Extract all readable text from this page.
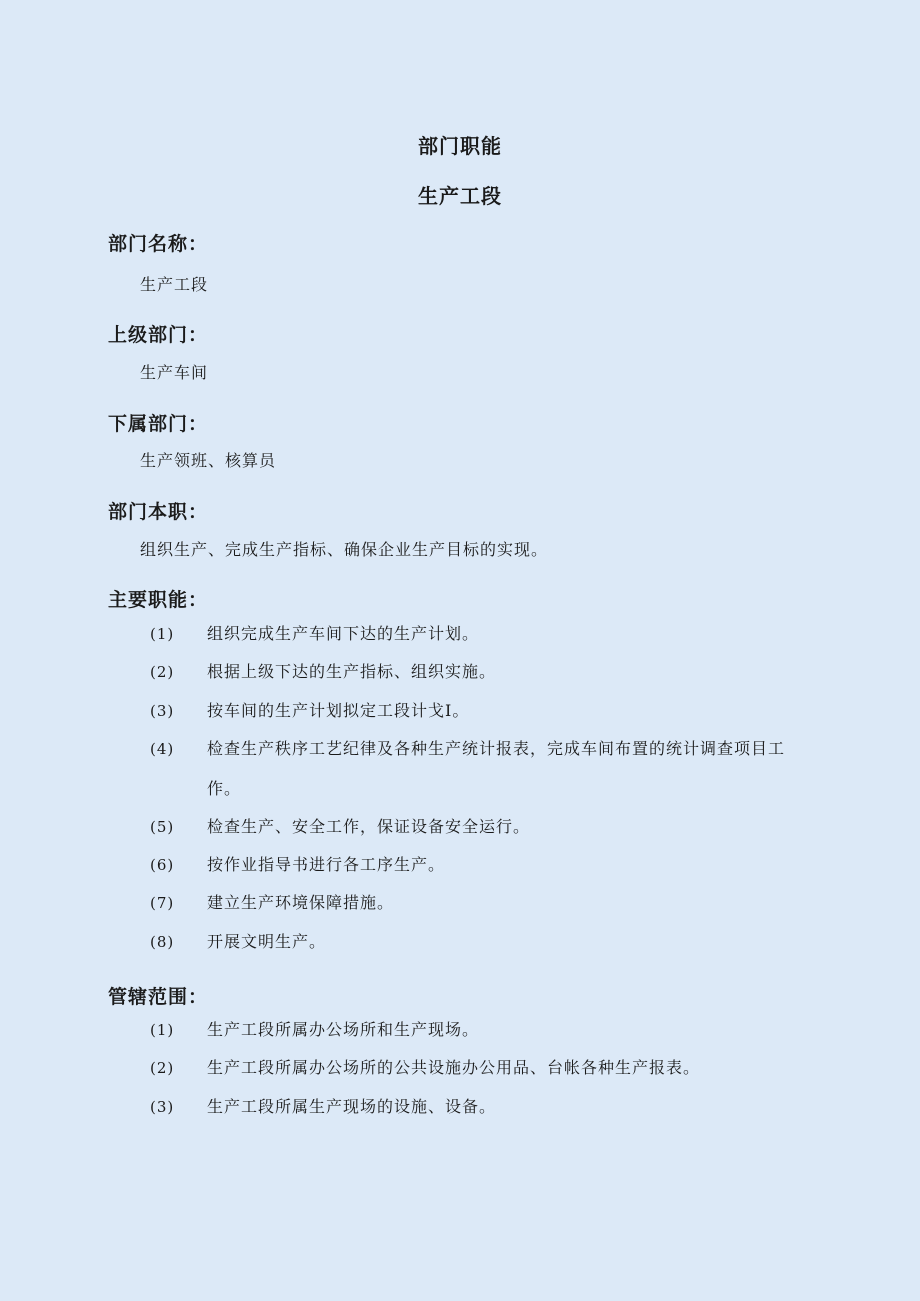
部门职能
生产工段
部门名称：
生产工段
上级部门：
生产车间
下属部门：
生产领班、核算员
部门本职：
组织生产、完成生产指标、确保企业生产目标的实现。
主要职能：
(1) 组织完成生产车间下达的生产计划。
(2) 根据上级下达的生产指标、组织实施。
(3) 按车间的生产计划拟定工段计戈I。
(4) 检查生产秩序工艺纪律及各种生产统计报表，完成车间布置的统计调查项目工作。
(5) 检查生产、安全工作，保证设备安全运行。
(6) 按作业指导书进行各工序生产。
(7) 建立生产环境保障措施。
(8) 开展文明生产。
管辖范围：
(1) 生产工段所属办公场所和生产现场。
(2) 生产工段所属办公场所的公共设施办公用品、台帐各种生产报表。
(3) 生产工段所属生产现场的设施、设备。
